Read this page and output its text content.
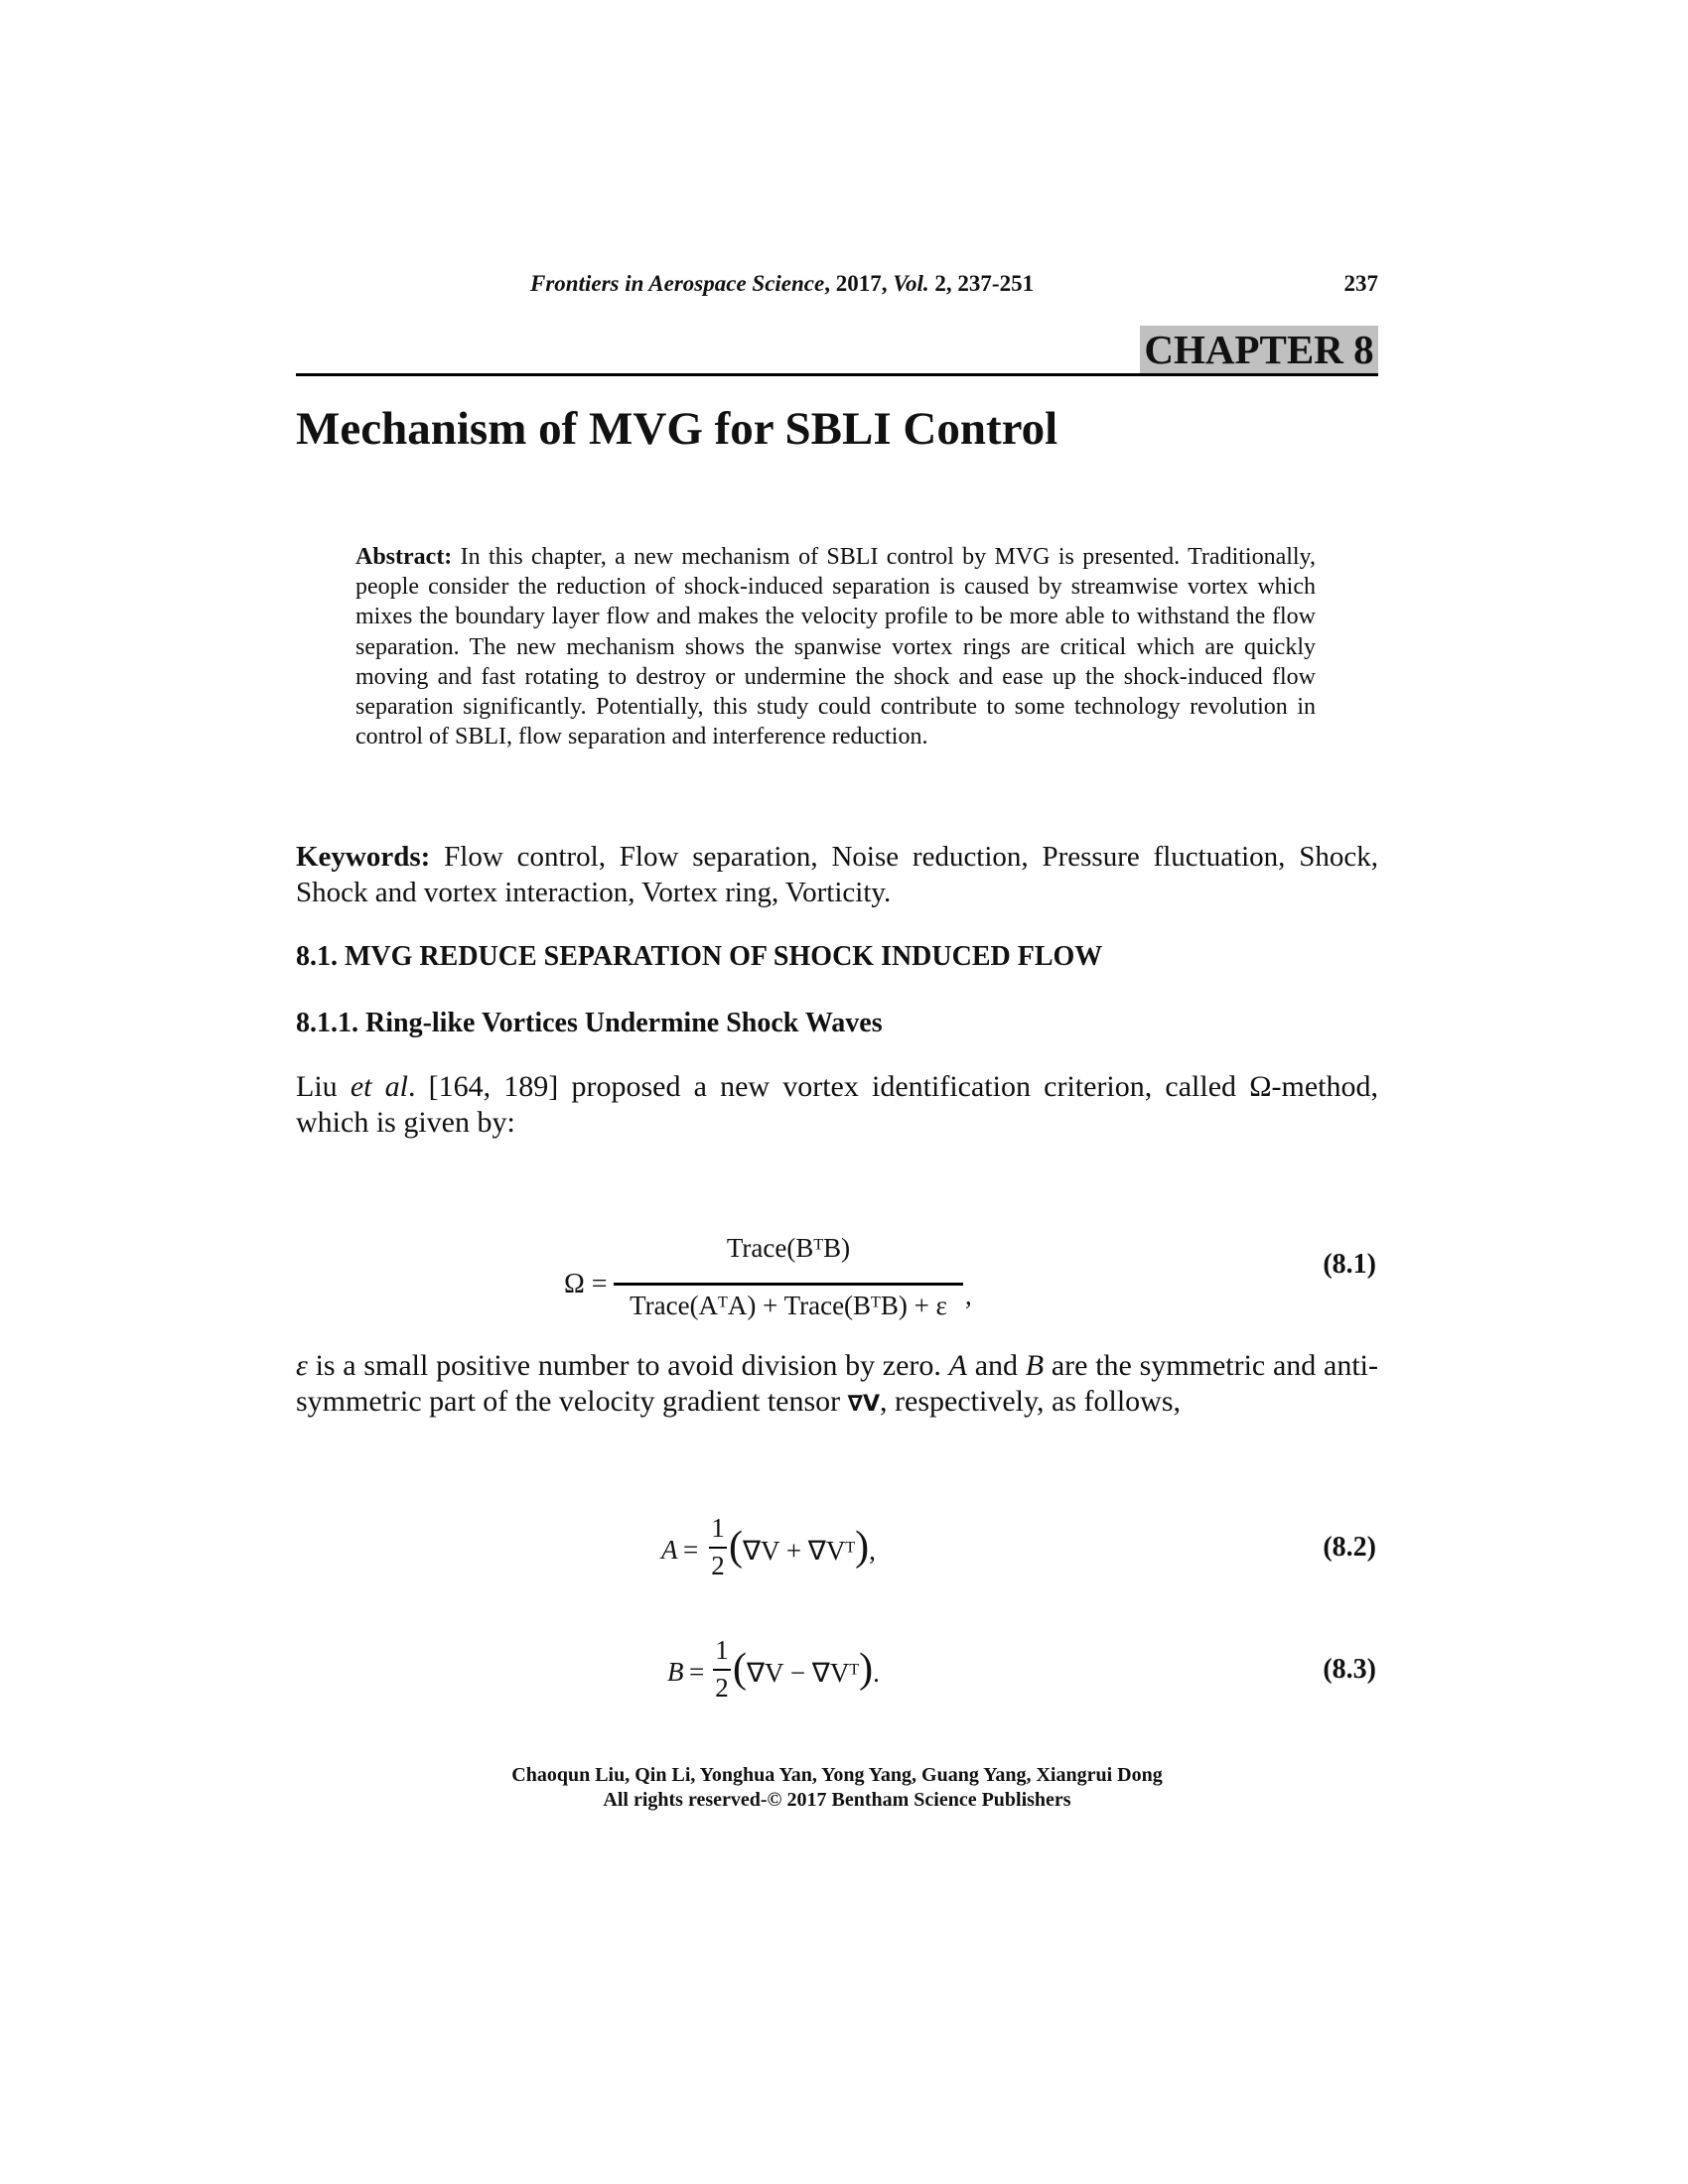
Frontiers in Aerospace Science, 2017, Vol. 2, 237-251	237
CHAPTER 8
Mechanism of MVG for SBLI Control
Abstract: In this chapter, a new mechanism of SBLI control by MVG is presented. Traditionally, people consider the reduction of shock-induced separation is caused by streamwise vortex which mixes the boundary layer flow and makes the velocity profile to be more able to withstand the flow separation. The new mechanism shows the spanwise vortex rings are critical which are quickly moving and fast rotating to destroy or undermine the shock and ease up the shock-induced flow separation significantly. Potentially, this study could contribute to some technology revolution in control of SBLI, flow separation and interference reduction.
Keywords: Flow control, Flow separation, Noise reduction, Pressure fluctuation, Shock, Shock and vortex interaction, Vortex ring, Vorticity.
8.1. MVG REDUCE SEPARATION OF SHOCK INDUCED FLOW
8.1.1. Ring-like Vortices Undermine Shock Waves
Liu et al. [164, 189] proposed a new vortex identification criterion, called Ω-method, which is given by:
Ω =
Trace(BᵀB)
Trace(AᵀA) + Trace(BᵀB) + ε ,
(8.1)
ε is a small positive number to avoid division by zero. A and B are the symmetric and anti-symmetric part of the velocity gradient tensor ∇V, respectively, as follows,
A =
1
2 (∇V + ∇Vᵀ),	(8.2)
B =
1
2 (∇V − ∇Vᵀ).	(8.3)
Chaoqun Liu, Qin Li, Yonghua Yan, Yong Yang, Guang Yang, Xiangrui Dong
All rights reserved-© 2017 Bentham Science Publishers
